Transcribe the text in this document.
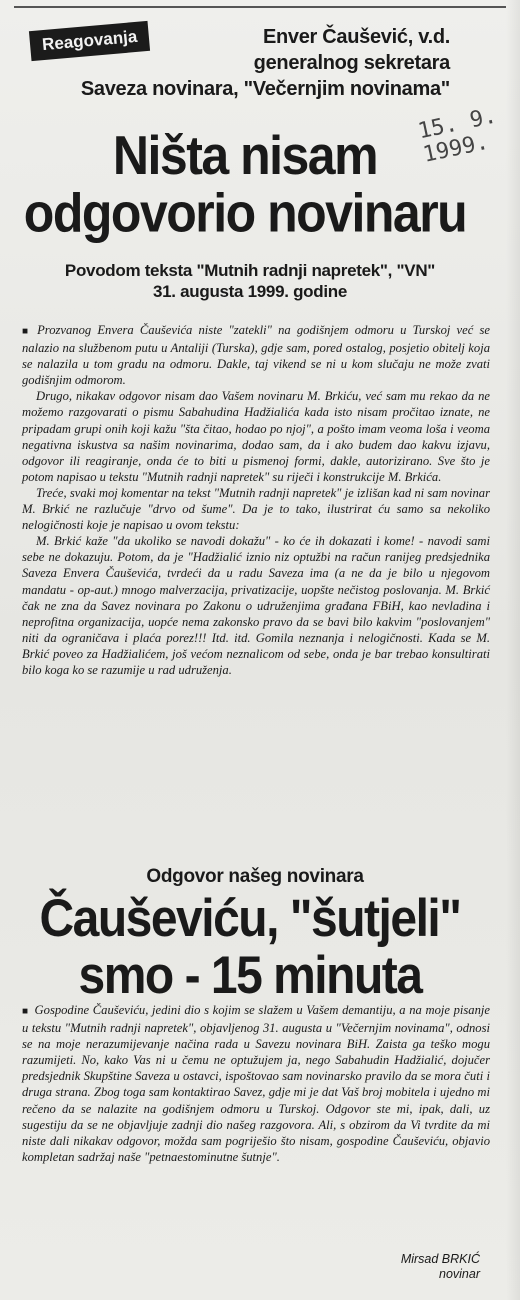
Reagovanja	Enver Čaušević, v.d.
generalnog sekretara
Saveza novinara, "Večernjim novinama"
15. 9. 1999.
Ništa nisam odgovorio novinaru
Povodom teksta "Mutnih radnji napretek", "VN"
31. augusta 1999. godine

■ Prozvanog Envera Čauševića niste "zatekli" na godišnjem odmoru u Turskoj već se nalazio na službenom putu u Antaliji (Turska), gdje sam, pored ostalog, posjetio obitelj koja se nalazila u tom gradu na odmoru. Dakle, taj vikend se ni u kom slučaju ne može zvati godišnjim odmorom.

Drugo, nikakav odgovor nisam dao Vašem novinaru M. Brkiću, već sam mu rekao da ne možemo razgovarati o pismu Sabahudina Hadžialića kada isto nisam pročitao iznate, ne pripadam grupi onih koji kažu "šta čitao, hodao po njoj", a pošto imam veoma loša i veoma negativna iskustva sa našim novinarima, dodao sam, da i ako budem dao kakvu izjavu, odgovor ili reagiranje, onda će to biti u pismenoj formi, dakle, autorizirano. Sve što je potom napisao u tekstu "Mutnih radnji napretek" su riječi i konstrukcije M. Brkića.

Treće, svaki moj komentar na tekst "Mutnih radnji napretek" je izlišan kad ni sam novinar M. Brkić ne razlučuje "drvo od šume". Da je to tako, ilustrirat ću samo sa nekoliko nelogičnosti koje je napisao u ovom tekstu:

M. Brkić kaže "da ukoliko se navodi dokažu" - ko će ih dokazati i kome! - navodi sami sebe ne dokazuju. Potom, da je "Hadžialić iznio niz optužbi na račun ranijeg predsjednika Saveza Envera Čauševića, tvrdeći da u radu Saveza ima (a ne da je bilo u njegovom mandatu - op-aut.) mnogo malverzacija, privatizacije, uopšte nečistog poslovanja. M. Brkić čak ne zna da Savez novinara po Zakonu o udruženjima građana FBiH, kao nevladina i neprofitna organizacija, uopće nema zakonsko pravo da se bavi bilo kakvim "poslovanjem" niti da ograničava i plaća porez!!! Itd. itd. Gomila neznanja i nelogičnosti. Kada se M. Brkić poveo za Hadžialićem, još većom neznalicom od sebe, onda je bar trebao konsultirati bilo koga ko se razumije u rad udruženja.

Odgovor našeg novinara
Čauševiću, "šutjeli" smo - 15 minuta

■ Gospodine Čauševiću, jedini dio s kojim se slažem u Vašem demantiju, a na moje pisanje u tekstu "Mutnih radnji napretek", objavljenog 31. augusta u "Večernjim novinama", odnosi se na moje nerazumijevanje načina rada u Savezu novinara BiH. Zaista ga teško mogu razumijeti. No, kako Vas ni u čemu ne optužujem ja, nego Sabahudin Hadžialić, dojučer predsjednik Skupštine Saveza u ostavci, ispoštovao sam novinarsko pravilo da se mora čuti i druga strana. Zbog toga sam kontaktirao Savez, gdje mi je dat Vaš broj mobitela i ujedno mi rečeno da se nalazite na godišnjem odmoru u Turskoj. Odgovor ste mi, ipak, dali, uz sugestiju da se ne objavljuje zadnji dio našeg razgovora. Ali, s obzirom da Vi tvrdite da mi niste dali nikakav odgovor, možda sam pogriješio što nisam, gospodine Čauševiću, objavio kompletan sadržaj naše "petnaestominutne šutnje".

Mirsad BRKIĆ
novinar
